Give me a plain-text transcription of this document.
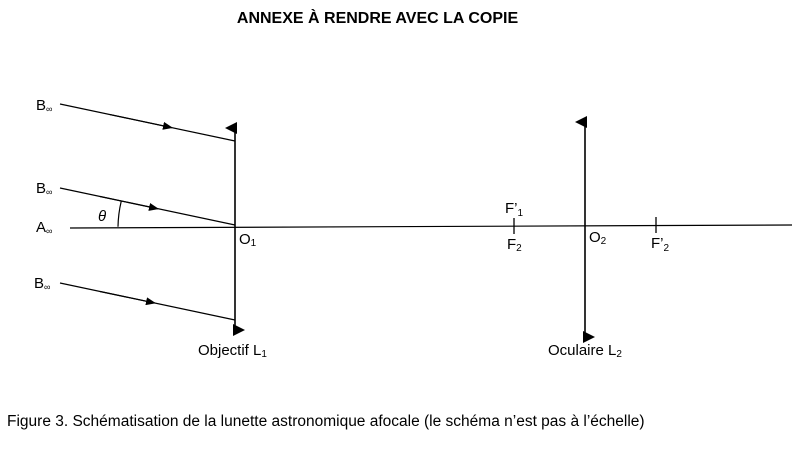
ANNEXE À RENDRE AVEC LA COPIE
B∞
B∞
A∞
B∞
θ
O1	O2
$F’_1$
F2	$F’_2$
Objectif L1	Oculaire L2
Figure 3. Schématisation de la lunette astronomique afocale (le schéma n’est pas à l’échelle)
